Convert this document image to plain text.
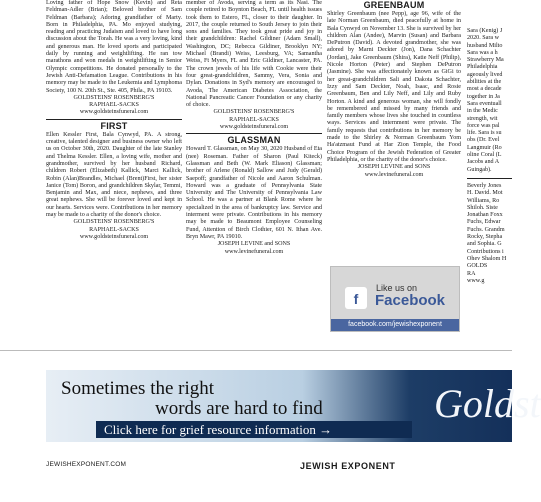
Loving father of Hope Snow (Kevin) and Reta Feldman-Adler (Brian); Beloved brother of Sam Feldman (Barbara); Adoring grandfather of Marty. Born in Philadelphia, PA. Mo enjoyed studying, reading and practicing Judaism and loved to have long discussion about the Torah. He was a very loving, kind and generous man. He loved sports and participated daily by running and weightlifting. He ran tow marathons and won medals in weightlifting in Senior Olympic competitions. He donated personally to the Jewish Anti-Defamation League. Contributions in his memory may be made to the Leukemia and Lymphoma Society, 100 N. 20th St., Ste. 405, Phila., PA 19103.

GOLDSTEINS' ROSENBERG'S
RAPHAEL-SACKS
www.goldsteinsfuneral.com
FIRST

Ellen Kessler First, Bala Cynwyd, PA. A strong, creative, talented designer and business owner who left us on October 30th, 2020. Daughter of the late Stanley and Thelma Kessler. Ellen, a loving wife, mother and grandmother, survived by her husband Richard, children Robert (Elizabeth) Kallick, Marci Kallick, Robin (Alan)Brandles, Michael (Brent)First, her sister Janice (Tom) Boron, and grandchildren Skylar, Temmi, Benjamin and Max, and niece, nephews, and three great nephews. She will be forever loved and kept in our hearts. Services were. Contributions in her memory may be made to a charity of the donor's choice.

GOLDSTEINS' ROSENBERG'S
RAPHAEL-SACKS
www.goldsteinsfuneral.com

member of Avoda, serving a term as its Nasi. The couple retired to Boynton Beach, FL until health issues took them to Estero, FL, closer to their daughter. In 2017, the couple returned to South Jersey to join their sons and families. They took great pride and joy in their grandchildren: Rachel Gildiner (Adam Small), Washington, DC; Rebecca Gildiner, Brooklyn NY; Michael (Brandi) Weiss, Leesburg, VA; Samantha Weiss, Ft Myers, FL and Eric Gildiner, Lancaster, PA. The crown jewels of his life with Cookie were their four great-grandchildren, Sammy, Vera, Sonia and Dylan. Donations in Syd's memory are encouraged to Avoda, The American Diabetes Association, the National Pancreatic Cancer Foundation or any charity of choice.

GOLDSTEINS' ROSENBERG'S
RAPHAEL-SACKS
www.goldsteinsfuneral.com
GLASSMAN

Howard T. Glassman, on May 30, 2020 Husband of Eta (nee) Roseman. Father of Sharon (Paul Kiteck) Glassman and Beth (W. Mark Eliason) Glassman; brother of Arlene (Ronald) Sallow and Judy (Gerald) Saepoff; grandfather of Nicole and Aaron Schulman. Howard was a graduate of Pennsylvania State University and The University of Pennsylvania Law School. He was a partner at Blank Rome where he specialized in the area of bankruptcy law. Service and interment were private. Contributions in his memory may be made to Beaumont Employee Counseling Fund, Attention of Birch Clothier, 601 N. Ithan Ave. Bryn Mawr, PA 19010.

JOSEPH LEVINE and SONS
www.levinefuneral.com
GREENBAUM

Shirley Greenbaum (nee Pepp), age 96, wife of the late Norman Greenbaum, died peacefully at home in Bala Cynwyd on November 13. She is survived by her children Alan (Andee), Marvin (Susan) and Barbara DePutron (David). A devoted grandmother, she was adored by Marni Deckter (Jon), Dana Schachter (Jordan), Jake Greenbaum (Shira), Katie Neff (Philip), Nicole Horton (Peter) and Stephen DePutron (Jasmine). She was affectionately known as GiGi to her great-grandchildren Sali and Dakota Schachter, Izzy and Sam Deckter, Noah, Isaac, and Rosie Greenbaum, Ben and Lily Neff, and Lily and Ruby Horton. A kind and generous woman, she will fondly be remembered and missed by many friends and family members whose lives she touched in countless ways. Services and internment were private. The family requests that contributions in her memory be made to the Shirley & Norman Greenbaum Yom Ha'atzmaut Fund at Har Zion Temple, the Food Choice Program of the Jewish Federation of Greater Philadelphia, or the charity of the donor's choice.

JOSEPH LEVINE and SONS
www.levinefuneral.com
f
Like us on
Facebook
facebook.com/jewishexponent
Sara (Kenig) J
2020. Sara w
husband Milto
Sara was a h
Strawberry Ma
Philadelphia
ageously lived
abilities at the
most a decade
together in Ja
Sara eventuall
in the Medic
strength, wit
force was pal
life. Sara is su
obs (Dr. Evel
Langmuir (Ro
oline Coral (L
Jacobs and A
Guingab).
Beverly Jones
H. David. Mot
Williams, Ro
Shiloh. Siste
Jonathan Foxx
Fuchs, Edwar
Fuchs. Grandm
Rocky, Stepha
and Sophia. G
Contributions i
Ohev Shalom H
GOLDS
RA
www.g
Sometimes the right
words are hard to find
Click here for grief resource information →
Goldst
JEWISHEXPONENT.COM	JEWISH EXPONENT
